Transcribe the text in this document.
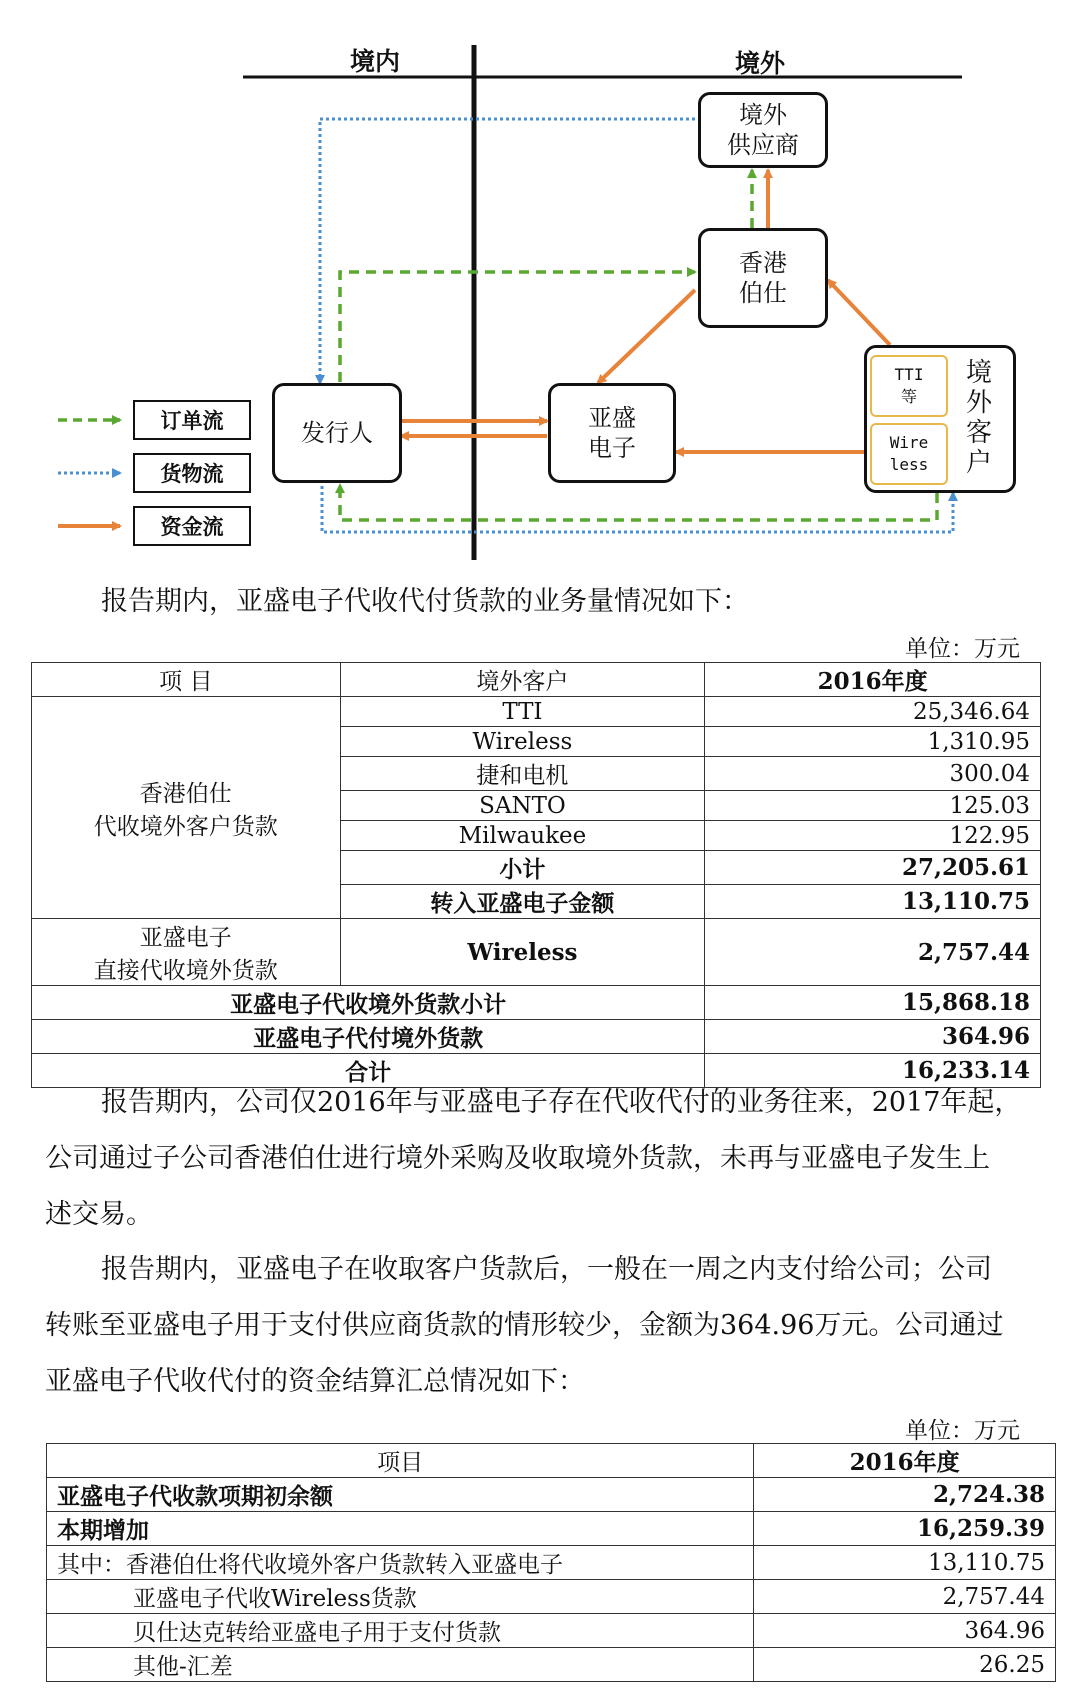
境内	境外
境外
供应商
香港
伯仕
发行人
亚盛
电子
TTI
等
Wire
less
境
外
客
户
订单流
货物流
资金流
报告期内，亚盛电子代收代付货款的业务量情况如下：
单位：万元
项 目	境外客户	2016年度

香港伯仕
代收境外客户货款	TTI	25,346.64
	Wireless	1,310.95
	捷和电机	300.04
	SANTO	125.03
	Milwaukee	122.95
	小计	27,205.61
	转入亚盛电子金额	13,110.75

亚盛电子
直接代收境外货款	Wireless	2,757.44
亚盛电子代收境外货款小计		15,868.18
亚盛电子代付境外货款		364.96
合计		16,233.14
报告期内，公司仅2016年与亚盛电子存在代收代付的业务往来，2017年起，
公司通过子公司香港伯仕进行境外采购及收取境外货款，未再与亚盛电子发生上
述交易。
报告期内，亚盛电子在收取客户货款后，一般在一周之内支付给公司；公司
转账至亚盛电子用于支付供应商货款的情形较少，金额为364.96万元。公司通过
亚盛电子代收代付的资金结算汇总情况如下：
单位：万元
项目	2016年度
亚盛电子代收款项期初余额	2,724.38
本期增加	16,259.39
其中：香港伯仕将代收境外客户货款转入亚盛电子	13,110.75
亚盛电子代收Wireless货款	2,757.44
贝仕达克转给亚盛电子用于支付货款	364.96
其他-汇差	26.25
